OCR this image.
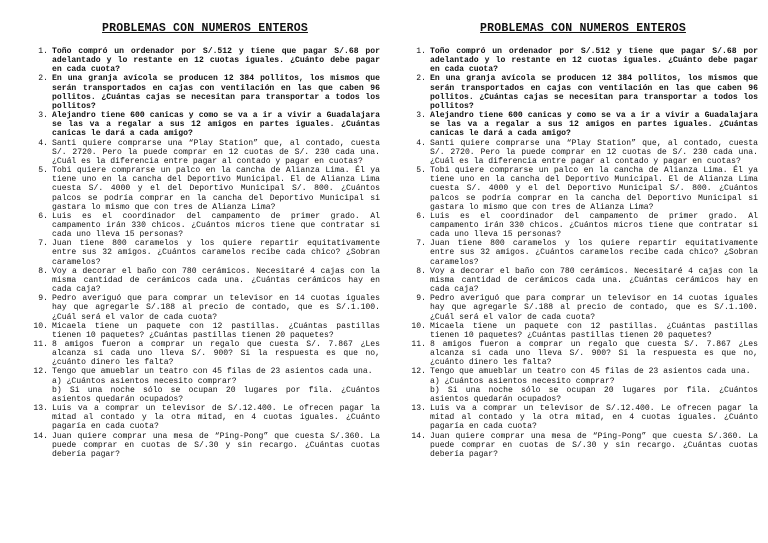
PROBLEMAS CON NUMEROS ENTEROS
1. Toño compró un ordenador por S/.512 y tiene que pagar S/.68 por adelantado y lo restante en 12 cuotas iguales. ¿Cuánto debe pagar en cada cuota?
2. En una granja avícola se producen 12 384 pollitos, los mismos que serán transportados en cajas con ventilación en las que caben 96 pollitos. ¿Cuántas cajas se necesitan para transportar a todos los pollitos?
3. Alejandro tiene 600 canicas y como se va a ir a vivir a Guadalajara se las va a regalar a sus 12 amigos en partes iguales. ¿Cuántas canicas le dará a cada amigo?
4. Santi quiere comprarse una “Play Station” que, al contado, cuesta S/. 2720. Pero la puede comprar en 12 cuotas de S/. 230 cada una. ¿Cuál es la diferencia entre pagar al contado y pagar en cuotas?
5. Tobi quiere comprarse un palco en la cancha de Alianza Lima. Él ya tiene uno en la cancha del Deportivo Municipal. El de Alianza Lima cuesta S/. 4000 y el del Deportivo Municipal S/. 800. ¿Cuántos palcos se podría comprar en la cancha del Deportivo Municipal si gastara lo mismo que con tres de Alianza Lima?
6. Luis es el coordinador del campamento de primer grado. Al campamento irán 330 chicos. ¿Cuántos micros tiene que contratar si cada uno lleva 15 personas?
7. Juan tiene 800 caramelos y los quiere repartir equitativamente entre sus 32 amigos. ¿Cuántos caramelos recibe cada chico? ¿Sobran caramelos?
8. Voy a decorar el baño con 780 cerámicos. Necesitaré 4 cajas con la misma cantidad de cerámicos cada una. ¿Cuántas cerámicos hay en cada caja?
9. Pedro averiguó que para comprar un televisor en 14 cuotas iguales hay que agregarle S/.188 al precio de contado, que es S/.1.100. ¿Cuál será el valor de cada cuota?
10. Micaela tiene un paquete con 12 pastillas. ¿Cuántas pastillas tienen 10 paquetes? ¿Cuántas pastillas tienen 20 paquetes?
11. 8 amigos fueron a comprar un regalo que cuesta S/. 7.867 ¿Les alcanza si cada uno lleva S/. 900? Si la respuesta es que no, ¿cuánto dinero les falta?
12. Tengo que amueblar un teatro con 45 filas de 23 asientos cada una.
a) ¿Cuántos asientos necesito comprar?
b) Si una noche sólo se ocupan 20 lugares por fila. ¿Cuántos asientos quedarán ocupados?
13. Luis va a comprar un televisor de S/.12.400. Le ofrecen pagar la mitad al contado y la otra mitad, en 4 cuotas iguales. ¿Cuánto pagaría en cada cuota?
14. Juan quiere comprar una mesa de “Ping-Pong” que cuesta S/.360. La puede comprar en cuotas de S/.30 y sin recargo. ¿Cuántas cuotas debería pagar?
PROBLEMAS CON NUMEROS ENTEROS
1. Toño compró un ordenador por S/.512 y tiene que pagar S/.68 por adelantado y lo restante en 12 cuotas iguales. ¿Cuánto debe pagar en cada cuota?
2. En una granja avícola se producen 12 384 pollitos, los mismos que serán transportados en cajas con ventilación en las que caben 96 pollitos. ¿Cuántas cajas se necesitan para transportar a todos los pollitos?
3. Alejandro tiene 600 canicas y como se va a ir a vivir a Guadalajara se las va a regalar a sus 12 amigos en partes iguales. ¿Cuántas canicas le dará a cada amigo?
4. Santi quiere comprarse una “Play Station” que, al contado, cuesta S/. 2720. Pero la puede comprar en 12 cuotas de S/. 230 cada una. ¿Cuál es la diferencia entre pagar al contado y pagar en cuotas?
5. Tobi quiere comprarse un palco en la cancha de Alianza Lima. Él ya tiene uno en la cancha del Deportivo Municipal. El de Alianza Lima cuesta S/. 4000 y el del Deportivo Municipal S/. 800. ¿Cuántos palcos se podría comprar en la cancha del Deportivo Municipal si gastara lo mismo que con tres de Alianza Lima?
6. Luis es el coordinador del campamento de primer grado. Al campamento irán 330 chicos. ¿Cuántos micros tiene que contratar si cada uno lleva 15 personas?
7. Juan tiene 800 caramelos y los quiere repartir equitativamente entre sus 32 amigos. ¿Cuántos caramelos recibe cada chico? ¿Sobran caramelos?
8. Voy a decorar el baño con 780 cerámicos. Necesitaré 4 cajas con la misma cantidad de cerámicos cada una. ¿Cuántas cerámicos hay en cada caja?
9. Pedro averiguó que para comprar un televisor en 14 cuotas iguales hay que agregarle S/.188 al precio de contado, que es S/.1.100. ¿Cuál será el valor de cada cuota?
10. Micaela tiene un paquete con 12 pastillas. ¿Cuántas pastillas tienen 10 paquetes? ¿Cuántas pastillas tienen 20 paquetes?
11. 8 amigos fueron a comprar un regalo que cuesta S/. 7.867 ¿Les alcanza si cada uno lleva S/. 900? Si la respuesta es que no, ¿cuánto dinero les falta?
12. Tengo que amueblar un teatro con 45 filas de 23 asientos cada una.
a) ¿Cuántos asientos necesito comprar?
b) Si una noche sólo se ocupan 20 lugares por fila. ¿Cuántos asientos quedarán ocupados?
13. Luis va a comprar un televisor de S/.12.400. Le ofrecen pagar la mitad al contado y la otra mitad, en 4 cuotas iguales. ¿Cuánto pagaría en cada cuota?
14. Juan quiere comprar una mesa de “Ping-Pong” que cuesta S/.360. La puede comprar en cuotas de S/.30 y sin recargo. ¿Cuántas cuotas debería pagar?
